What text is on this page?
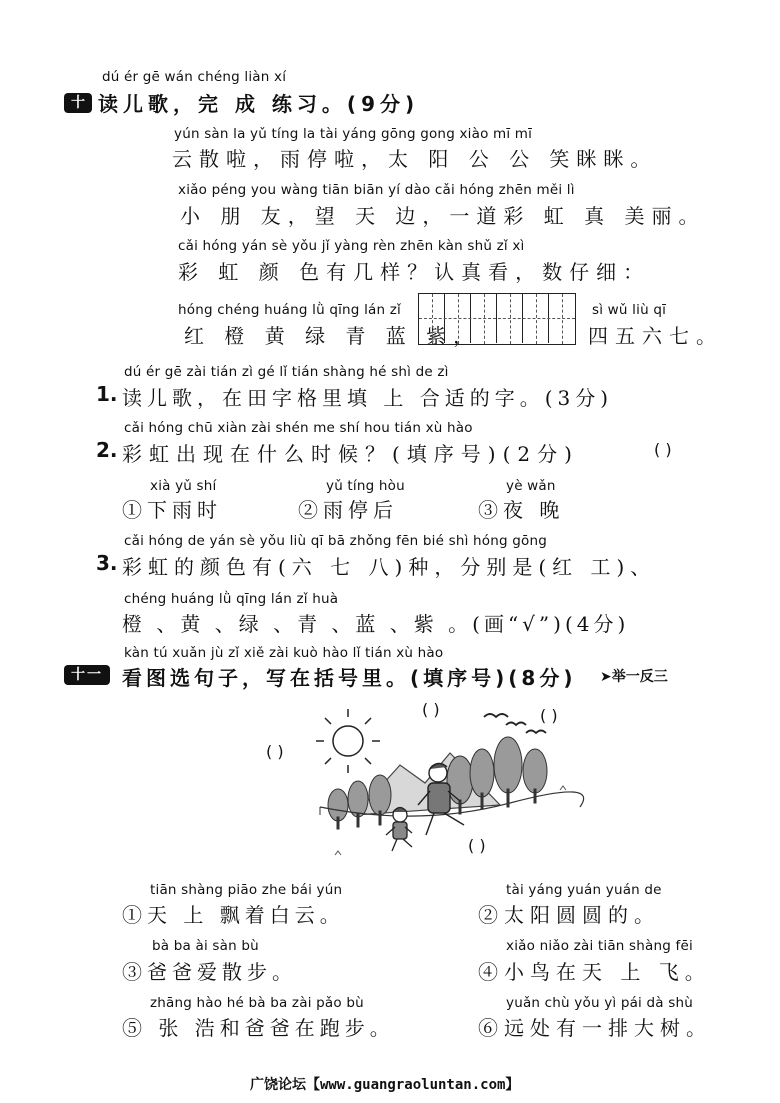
十
dú ér gē wán chéng liàn xí
读儿歌，完 成 练习。(9分)
yún sàn la yǔ tíng la tài yáng gōng gong xiào mī mī
云散啦，雨停啦，太 阳 公 公 笑眯眯。
xiǎo péng you wàng tiān biān yí dào cǎi hóng zhēn měi lì
小 朋 友，望 天 边，一道彩 虹 真 美丽。
cǎi hóng yán sè yǒu jǐ yàng rèn zhēn kàn shǔ zǐ xì
彩 虹 颜 色有几样？认真看，数仔细：
hóng chéng huáng lǜ qīng lán zǐ
红 橙 黄 绿 青 蓝 紫，
sì wǔ liù qī
四五六七。
dú ér gē zài tián zì gé lǐ tián shàng hé shì de zì
1. 读儿歌，在田字格里填 上 合适的字。(3分)
cǎi hóng chū xiàn zài shén me shí hou tián xù hào
2. 彩虹出现在什么时候？(填序号)(2分)	( )
xià yǔ shí
①下雨时
yǔ tíng hòu
②雨停后
yè wǎn
③夜 晚
cǎi hóng de yán sè yǒu liù qī bā zhǒng fēn bié shì hóng gōng
3. 彩虹的颜色有(六 七 八)种，分别是(红 工)、
chéng huáng lǜ qīng lán zǐ huà
橙 、黄 、绿 、青 、蓝 、紫 。(画“√”)(4分)
十一
kàn tú xuǎn jù zǐ xiě zài kuò hào lǐ tián xù hào
看图选句子，写在括号里。(填序号)(8分) ➤举一反三
( )
( )	( )
( )
tiān shàng piāo zhe bái yún
①天 上 飘着白云。
tài yáng yuán yuán de
②太阳圆圆的。
bà ba ài sàn bù
③爸爸爱散步。
xiǎo niǎo zài tiān shàng fēi
④小鸟在天 上 飞。
zhāng hào hé bà ba zài pǎo bù
⑤ 张 浩和爸爸在跑步。
yuǎn chù yǒu yì pái dà shù
⑥远处有一排大树。
广饶论坛【www.guangraoluntan.com】
